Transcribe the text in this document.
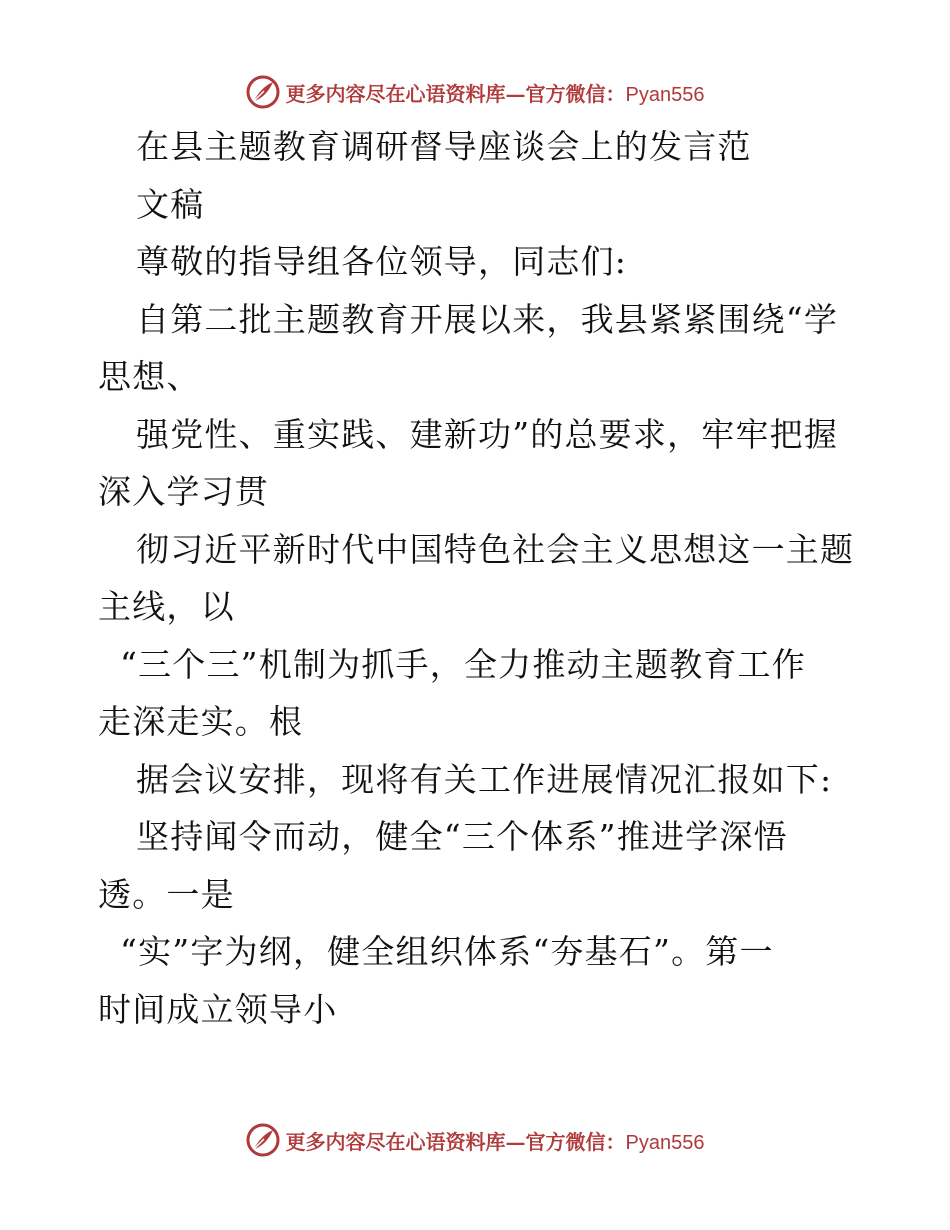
更多内容尽在心语资料库—官方微信：Pyan556
在县主题教育调研督导座谈会上的发言范
文稿
尊敬的指导组各位领导，同志们:
自第二批主题教育开展以来，我县紧紧围绕“学
思想、
强党性、重实践、建新功”的总要求，牢牢把握
深入学习贯
彻习近平新时代中国特色社会主义思想这一主题
主线，以
“三个三”机制为抓手，全力推动主题教育工作
走深走实。根
据会议安排，现将有关工作进展情况汇报如下:
坚持闻令而动，健全“三个体系”推进学深悟
透。一是
“实”字为纲，健全组织体系“夯基石”。第一
时间成立领导小
更多内容尽在心语资料库—官方微信：Pyan556
